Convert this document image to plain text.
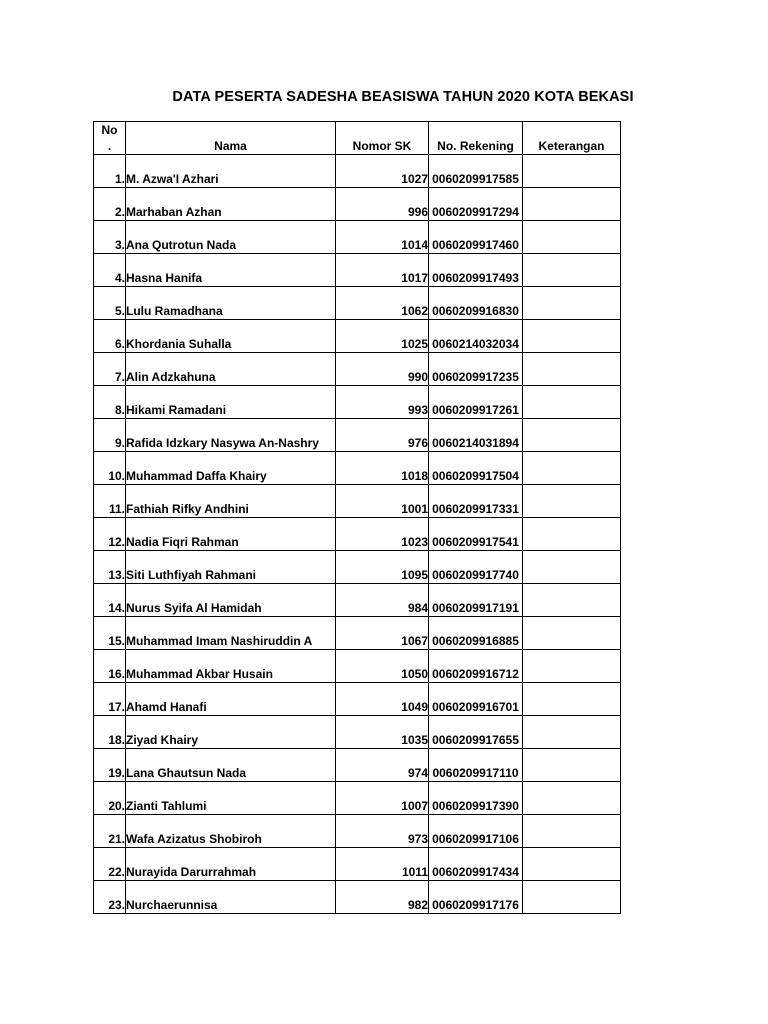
DATA PESERTA SADESHA BEASISWA TAHUN 2020 KOTA BEKASI
No
.	Nama	Nomor SK	No. Rekening	Keterangan
1.	M. Azwa'I Azhari	1027	0060209917585	
2.	Marhaban Azhan	996	0060209917294	
3.	Ana Qutrotun Nada	1014	0060209917460	
4.	Hasna Hanifa	1017	0060209917493	
5.	Lulu Ramadhana	1062	0060209916830	
6.	Khordania Suhalla	1025	0060214032034	
7.	Alin Adzkahuna	990	0060209917235	
8.	Hikami Ramadani	993	0060209917261	
9.	Rafida Idzkary Nasywa An-Nashry	976	0060214031894	
10.	Muhammad Daffa Khairy	1018	0060209917504	
11.	Fathiah Rifky Andhini	1001	0060209917331	
12.	Nadia Fiqri Rahman	1023	0060209917541	
13.	Siti Luthfiyah Rahmani	1095	0060209917740	
14.	Nurus Syifa Al Hamidah	984	0060209917191	
15.	Muhammad Imam Nashiruddin A	1067	0060209916885	
16.	Muhammad Akbar Husain	1050	0060209916712	
17.	Ahamd Hanafi	1049	0060209916701	
18.	Ziyad Khairy	1035	0060209917655	
19.	Lana Ghautsun Nada	974	0060209917110	
20.	Zianti Tahlumi	1007	0060209917390	
21.	Wafa Azizatus Shobiroh	973	0060209917106	
22.	Nurayida Darurrahmah	1011	0060209917434	
23.	Nurchaerunnisa	982	0060209917176	
